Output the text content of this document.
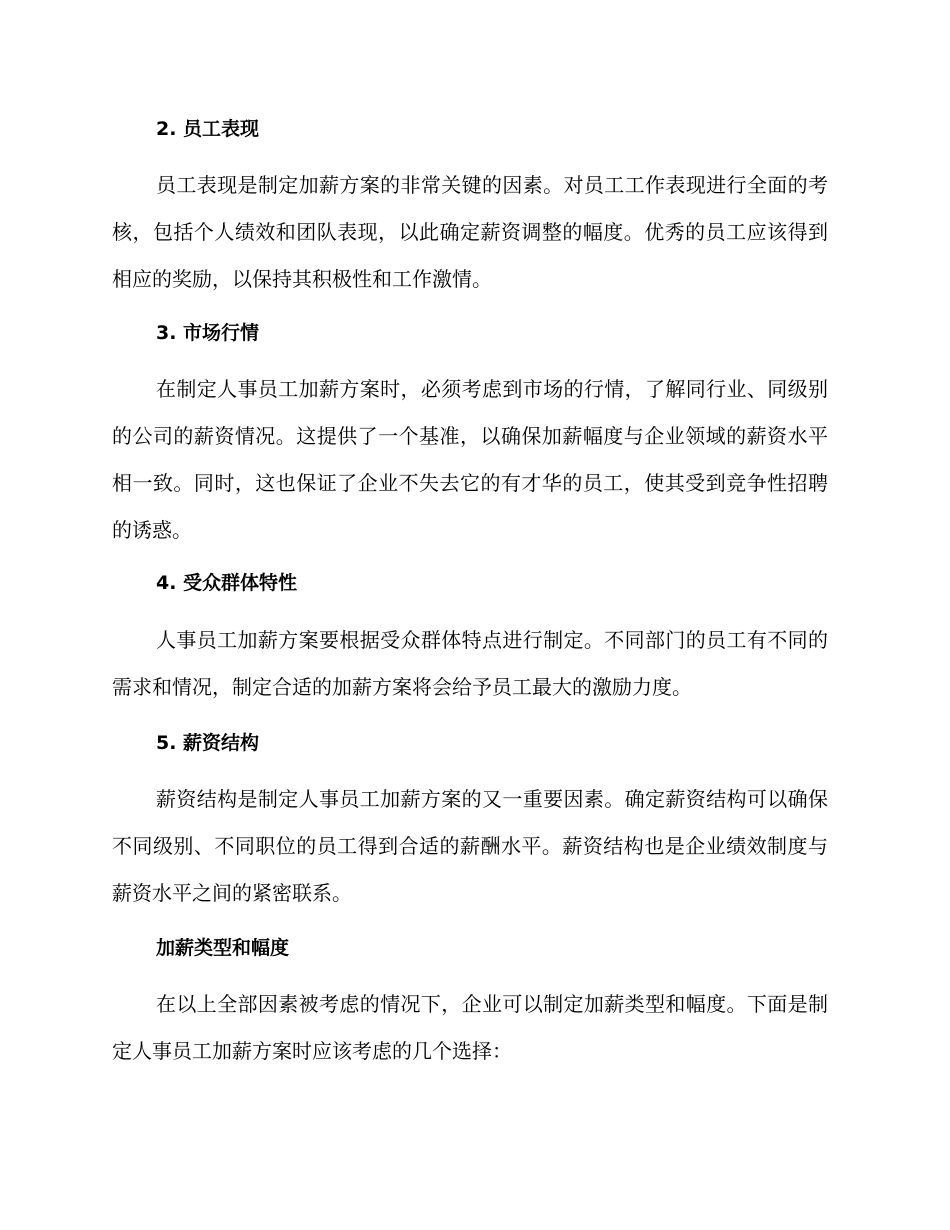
2. 员工表现
员工表现是制定加薪方案的非常关键的因素。对员工工作表现进行全面的考核，包括个人绩效和团队表现，以此确定薪资调整的幅度。优秀的员工应该得到相应的奖励，以保持其积极性和工作激情。
3. 市场行情
在制定人事员工加薪方案时，必须考虑到市场的行情，了解同行业、同级别的公司的薪资情况。这提供了一个基准，以确保加薪幅度与企业领域的薪资水平相一致。同时，这也保证了企业不失去它的有才华的员工，使其受到竞争性招聘的诱惑。
4. 受众群体特性
人事员工加薪方案要根据受众群体特点进行制定。不同部门的员工有不同的需求和情况，制定合适的加薪方案将会给予员工最大的激励力度。
5. 薪资结构
薪资结构是制定人事员工加薪方案的又一重要因素。确定薪资结构可以确保不同级别、不同职位的员工得到合适的薪酬水平。薪资结构也是企业绩效制度与薪资水平之间的紧密联系。
加薪类型和幅度
在以上全部因素被考虑的情况下，企业可以制定加薪类型和幅度。下面是制定人事员工加薪方案时应该考虑的几个选择：
